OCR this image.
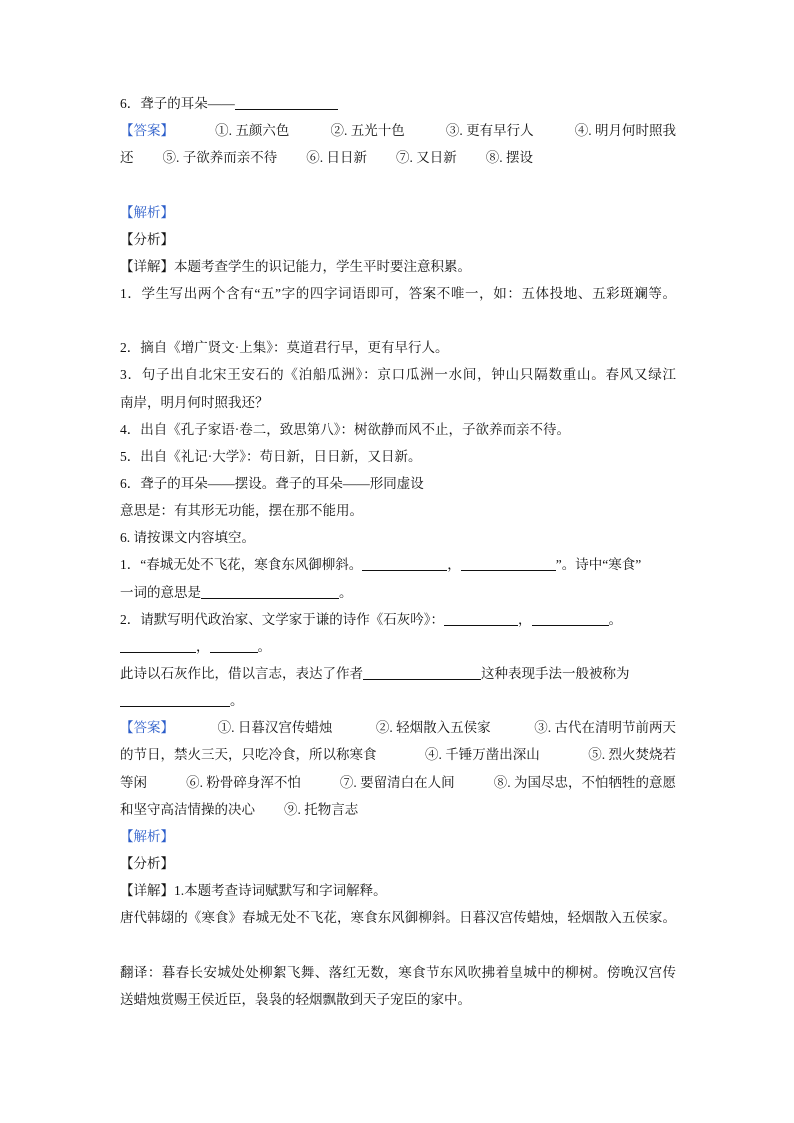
6．聋子的耳朵——
【答案】	①. 五颜六色	②. 五光十色	③. 更有早行人	④. 明月何时照我
还 ⑤. 子欲养而亲不待 ⑥. 日日新 ⑦. 又日新 ⑧. 摆设
【解析】
【分析】
【详解】本题考查学生的识记能力，学生平时要注意积累。
1．学生写出两个含有“五”字的四字词语即可，答案不唯一，如：五体投地、五彩斑斓等。
2．摘自《增广贤文·上集》：莫道君行早，更有早行人。
3．句子出自北宋王安石的《泊船瓜洲》：京口瓜洲一水间，钟山只隔数重山。春风又绿江
南岸，明月何时照我还？
4．出自《孔子家语·卷二，致思第八》：树欲静而风不止，子欲养而亲不待。
5．出自《礼记·大学》：苟日新，日日新，又日新。
6．聋子的耳朵——摆设。聋子的耳朵——形同虚设
意思是：有其形无功能，摆在那不能用。
6. 请按课文内容填空。
1．“春城无处不飞花，寒食东风御柳斜。	，	”。诗中“寒食”
一词的意思是	。
2．请默写明代政治家、文学家于谦的诗作《石灰吟》：	，	。
，	。
此诗以石灰作比，借以言志，表达了作者	这种表现手法一般被称为
。
【答案】	①. 日暮汉宫传蜡烛	②. 轻烟散入五侯家	③. 古代在清明节前两天
的节日，禁火三天，只吃冷食，所以称寒食	④. 千锤万凿出深山	⑤. 烈火焚烧若
等闲	⑥. 粉骨碎身浑不怕	⑦. 要留清白在人间	⑧. 为国尽忠，不怕牺牲的意愿
和坚守高洁情操的决心 ⑨. 托物言志
【解析】
【分析】
【详解】1.本题考查诗词赋默写和字词解释。
唐代韩翃的《寒食》春城无处不飞花，寒食东风御柳斜。日暮汉宫传蜡烛，轻烟散入五侯家。
翻译：暮春长安城处处柳絮飞舞、落红无数，寒食节东风吹拂着皇城中的柳树。傍晚汉宫传
送蜡烛赏赐王侯近臣，袅袅的轻烟飘散到天子宠臣的家中。
